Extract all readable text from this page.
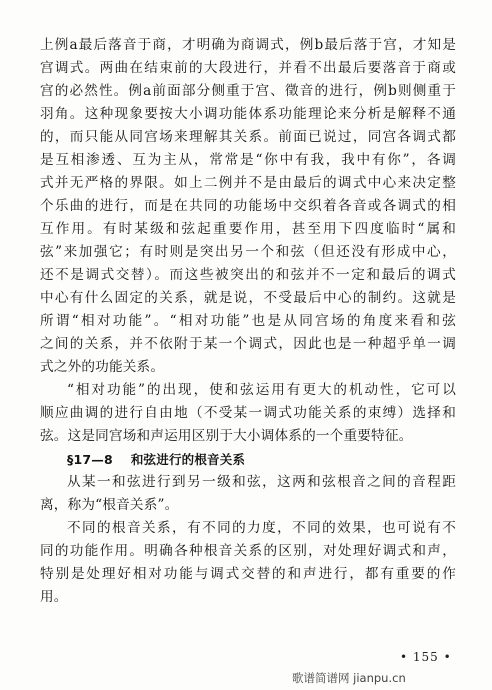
上例a最后落音于商，才明确为商调式，例b最后落于宫，才知是
宫调式。两曲在结束前的大段进行，并看不出最后要落音于商或
宫的必然性。例a前面部分侧重于宫、徵音的进行，例b则侧重于
羽角。这种现象要按大小调功能体系功能理论来分析是解释不通
的，而只能从同宫场来理解其关系。前面已说过，同宫各调式都
是互相渗透、互为主从，常常是“你中有我，我中有你”，各调
式并无严格的界限。如上二例并不是由最后的调式中心来决定整
个乐曲的进行，而是在共同的功能场中交织着各音或各调式的相
互作用。有时某级和弦起重要作用，甚至用下四度临时“属和
弦”来加强它；有时则是突出另一个和弦（但还没有形成中心，
还不是调式交替）。而这些被突出的和弦并不一定和最后的调式
中心有什么固定的关系，就是说，不受最后中心的制约。这就是
所谓“相对功能”。“相对功能”也是从同宫场的角度来看和弦
之间的关系，并不依附于某一个调式，因此也是一种超乎单一调
式之外的功能关系。
“相对功能”的出现，使和弦运用有更大的机动性，它可以
顺应曲调的进行自由地（不受某一调式功能关系的束缚）选择和
弦。这是同宫场和声运用区别于大小调体系的一个重要特征。
§17—8 和弦进行的根音关系
从某一和弦进行到另一级和弦，这两和弦根音之间的音程距
离，称为“根音关系”。
不同的根音关系，有不同的力度，不同的效果，也可说有不
同的功能作用。明确各种根音关系的区别，对处理好调式和声，
特别是处理好相对功能与调式交替的和声进行，都有重要的作
用。
• 155 •
歌谱简谱网 jianpu.cn
